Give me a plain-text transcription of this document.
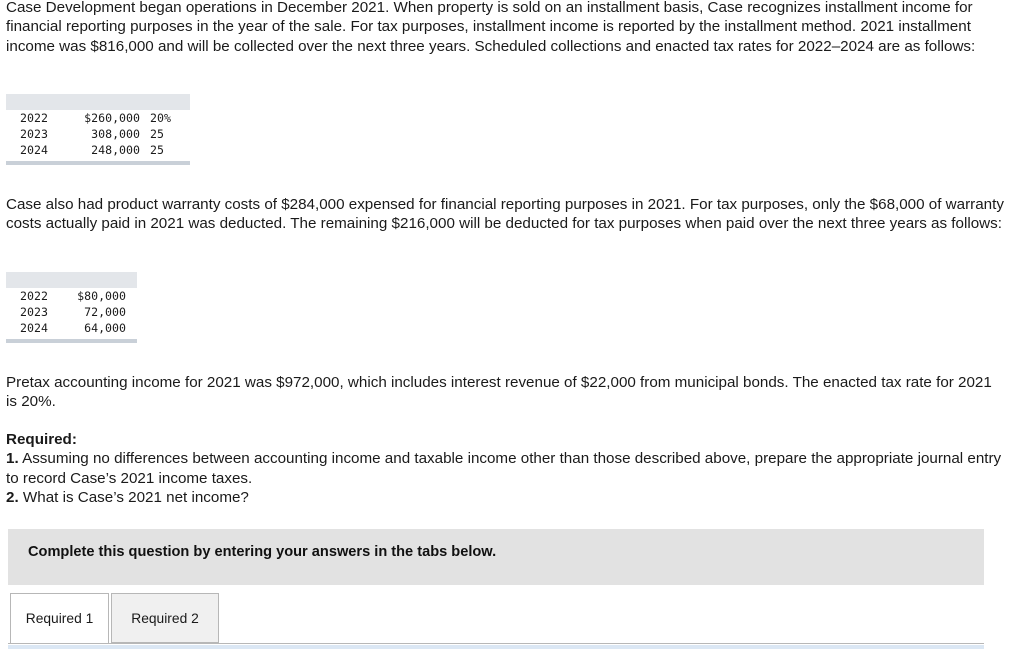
Case Development began operations in December 2021. When property is sold on an installment basis, Case recognizes installment income for financial reporting purposes in the year of the sale. For tax purposes, installment income is reported by the installment method. 2021 installment income was $816,000 and will be collected over the next three years. Scheduled collections and enacted tax rates for 2022–2024 are as follows:

2022	$260,000	20%
2023	308,000	25
2024	248,000	25

Case also had product warranty costs of $284,000 expensed for financial reporting purposes in 2021. For tax purposes, only the $68,000 of warranty costs actually paid in 2021 was deducted. The remaining $216,000 will be deducted for tax purposes when paid over the next three years as follows:

2022	$80,000
2023	72,000
2024	64,000

Pretax accounting income for 2021 was $972,000, which includes interest revenue of $22,000 from municipal bonds. The enacted tax rate for 2021 is 20%.

Required:
1. Assuming no differences between accounting income and taxable income other than those described above, prepare the appropriate journal entry to record Case’s 2021 income taxes.
2. What is Case’s 2021 net income?
Complete this question by entering your answers in the tabs below.
Required 1	Required 2
